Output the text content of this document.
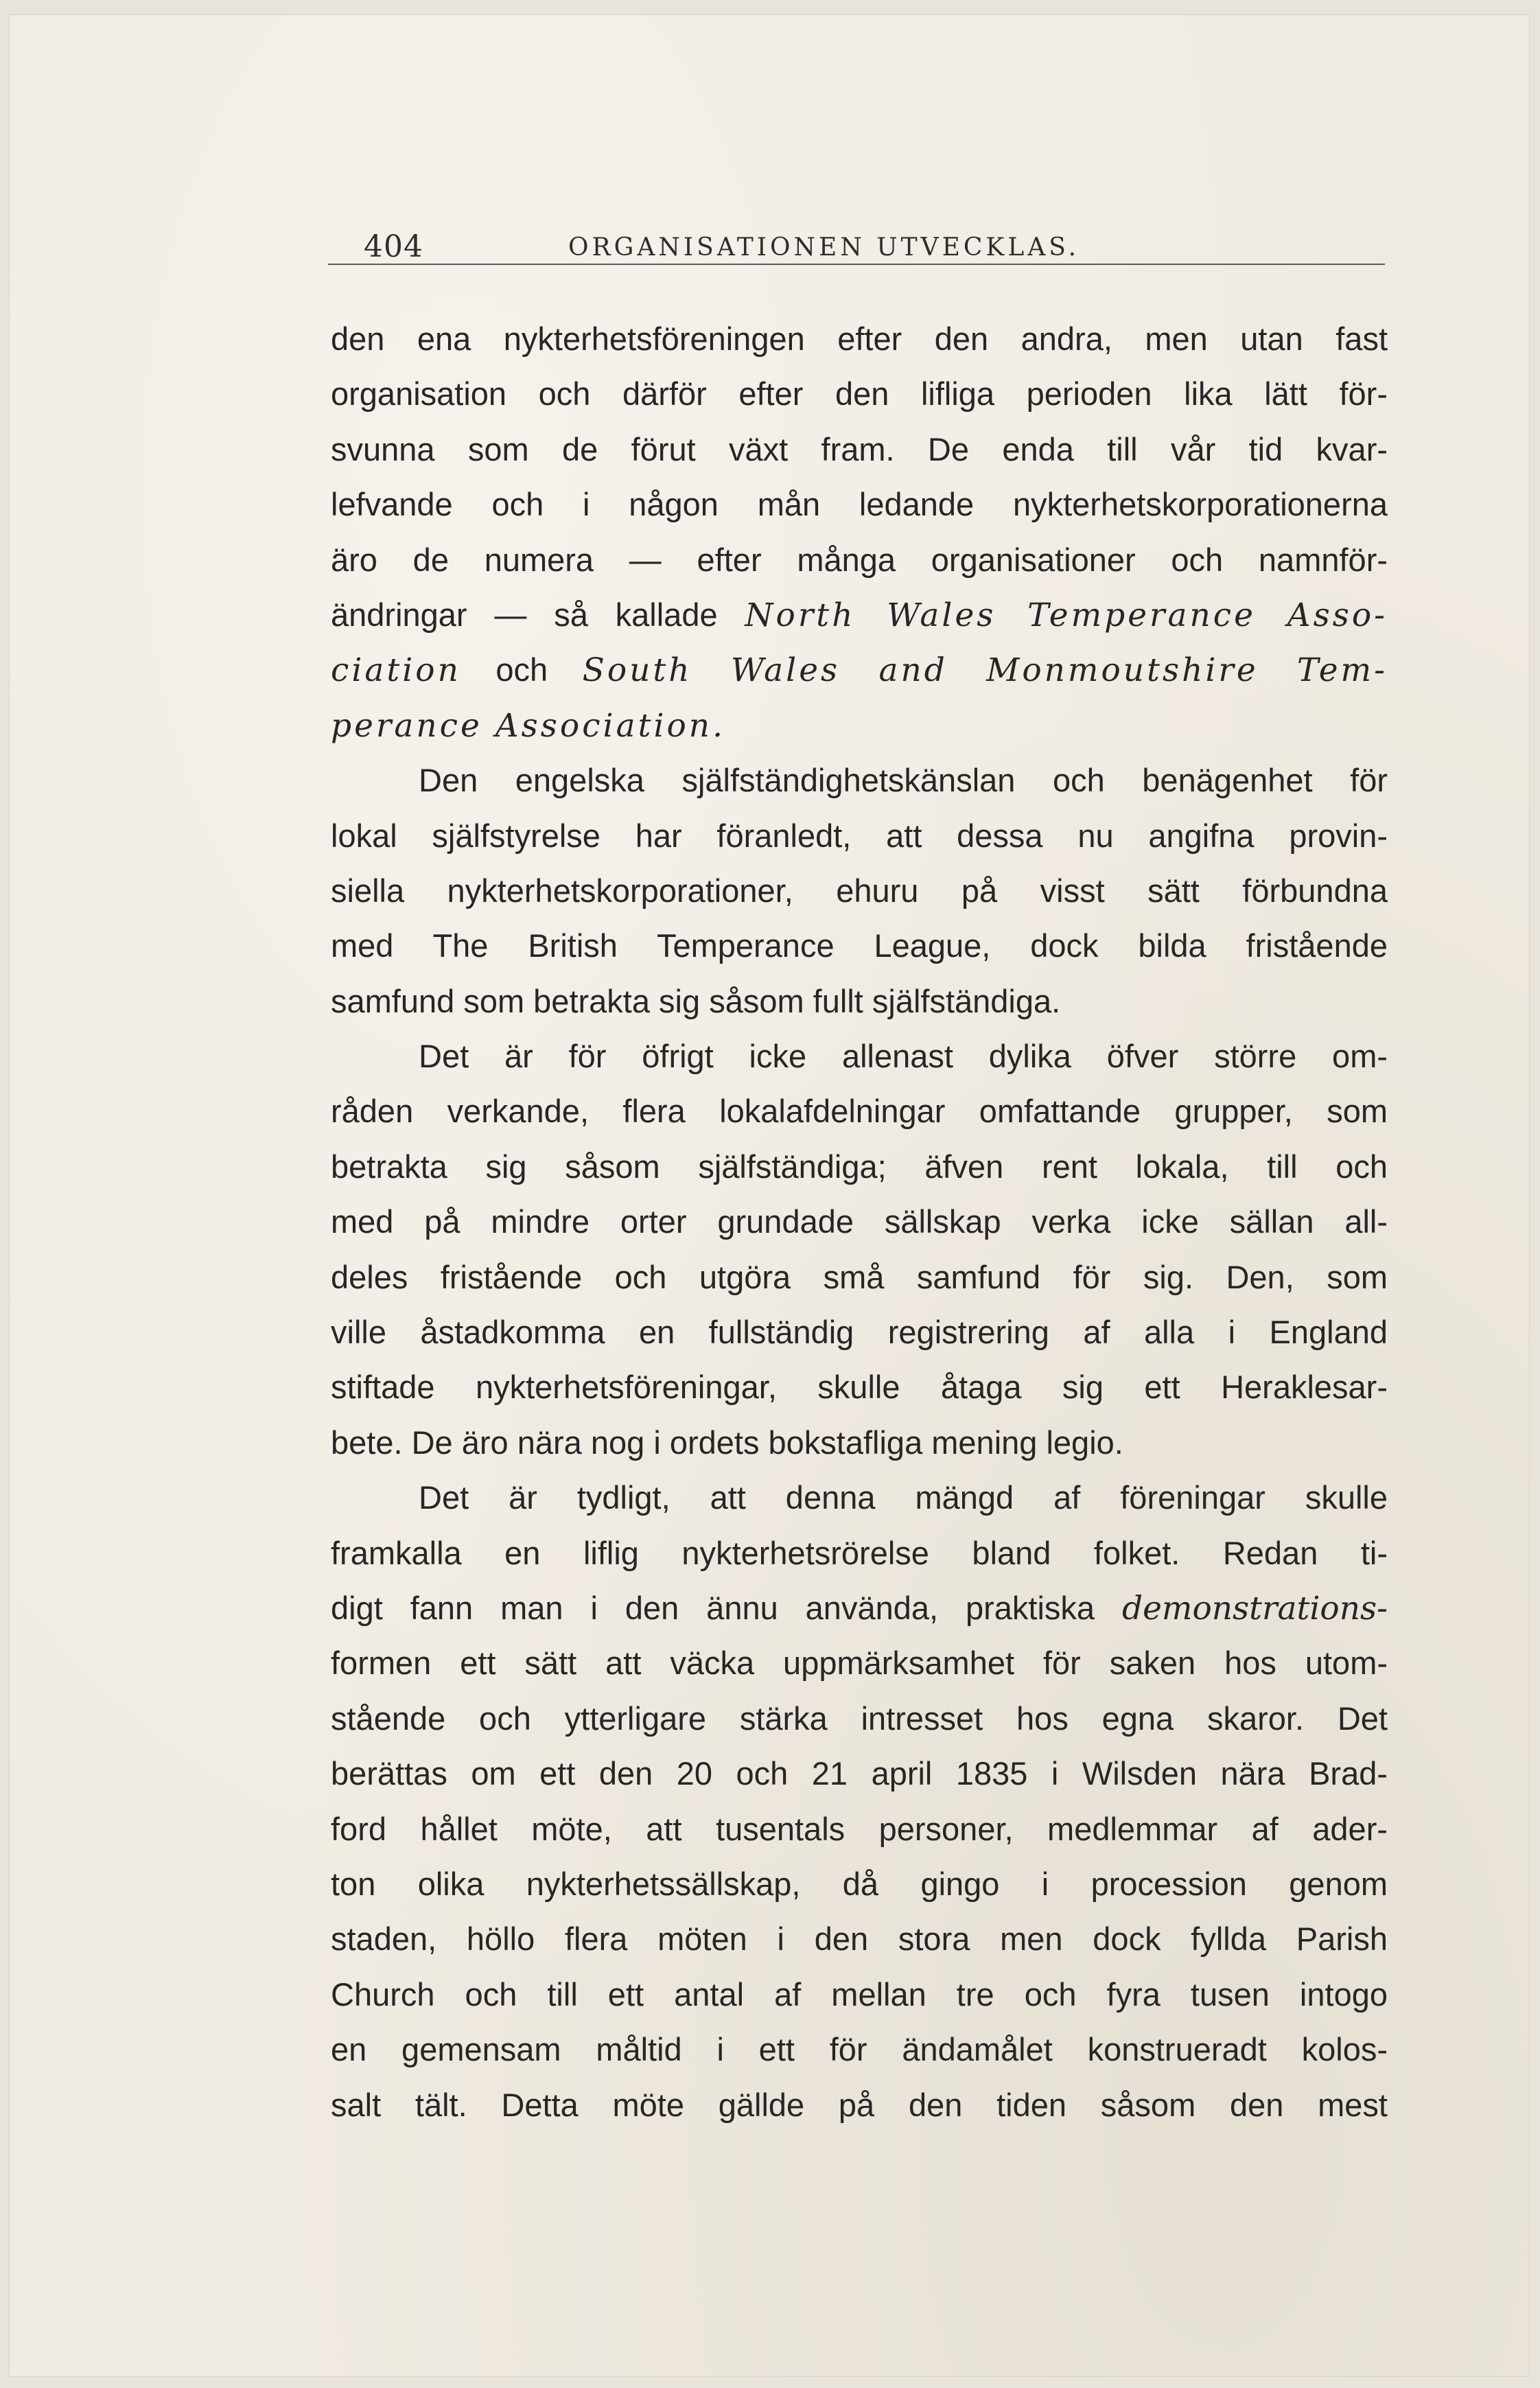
404	ORGANISATIONEN UTVECKLAS.
den ena nykterhetsföreningen efter den andra, men utan fast
organisation och därför efter den lifliga perioden lika lätt för-
svunna som de förut växt fram. De enda till vår tid kvar-
lefvande och i någon mån ledande nykterhetskorporationerna
äro de numera — efter många organisationer och namnför-
ändringar — så kallade North Wales Temperance Asso-
ciation och South Wales and Monmoutshire Tem-
perance Association.
Den engelska själfständighetskänslan och benägenhet för
lokal själfstyrelse har föranledt, att dessa nu angifna provin-
siella nykterhetskorporationer, ehuru på visst sätt förbundna
med The British Temperance League, dock bilda fristående
samfund som betrakta sig såsom fullt själfständiga.
Det är för öfrigt icke allenast dylika öfver större om-
råden verkande, flera lokalafdelningar omfattande grupper, som
betrakta sig såsom själfständiga; äfven rent lokala, till och
med på mindre orter grundade sällskap verka icke sällan all-
deles fristående och utgöra små samfund för sig. Den, som
ville åstadkomma en fullständig registrering af alla i England
stiftade nykterhetsföreningar, skulle åtaga sig ett Heraklesar-
bete. De äro nära nog i ordets bokstafliga mening legio.
Det är tydligt, att denna mängd af föreningar skulle
framkalla en liflig nykterhetsrörelse bland folket. Redan ti-
digt fann man i den ännu använda, praktiska demonstrations-
formen ett sätt att väcka uppmärksamhet för saken hos utom-
stående och ytterligare stärka intresset hos egna skaror. Det
berättas om ett den 20 och 21 april 1835 i Wilsden nära Brad-
ford hållet möte, att tusentals personer, medlemmar af ader-
ton olika nykterhetssällskap, då gingo i procession genom
staden, höllo flera möten i den stora men dock fyllda Parish
Church och till ett antal af mellan tre och fyra tusen intogo
en gemensam måltid i ett för ändamålet konstrueradt kolos-
salt tält. Detta möte gällde på den tiden såsom den mest
